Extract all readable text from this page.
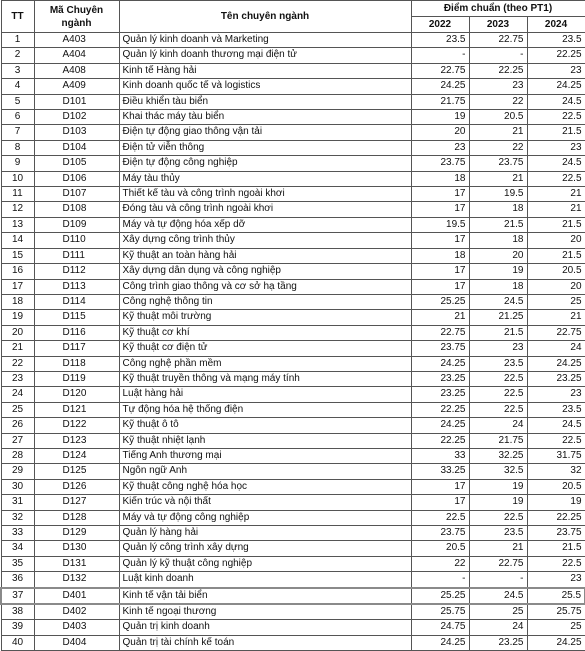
TT	Mã Chuyên ngành	Tên chuyên ngành	Điểm chuẩn (theo PT1)		
			2022	2023	2024
1	A403	Quản lý kinh doanh và Marketing	23.5	22.75	23.5
2	A404	Quản lý kinh doanh thương mại điện tử	-	-	22.25
3	A408	Kinh tế Hàng hải	22.75	22.25	23
4	A409	Kinh doanh quốc tế và logistics	24.25	23	24.25
5	D101	Điều khiển tàu biển	21.75	22	24.5
6	D102	Khai thác máy tàu biển	19	20.5	22.5
7	D103	Điện tự động giao thông vận tải	20	21	21.5
8	D104	Điện tử viễn thông	23	22	23
9	D105	Điện tự động công nghiệp	23.75	23.75	24.5
10	D106	Máy tàu thủy	18	21	22.5
11	D107	Thiết kế tàu và công trình ngoài khơi	17	19.5	21
12	D108	Đóng tàu và công trình ngoài khơi	17	18	21
13	D109	Máy và tự động hóa xếp dỡ	19.5	21.5	21.5
14	D110	Xây dựng công trình thủy	17	18	20
15	D111	Kỹ thuật an toàn hàng hải	18	20	21.5
16	D112	Xây dựng dân dụng và công nghiệp	17	19	20.5
17	D113	Công trình giao thông và cơ sở hạ tầng	17	18	20
18	D114	Công nghệ thông tin	25.25	24.5	25
19	D115	Kỹ thuật môi trường	21	21.25	21
20	D116	Kỹ thuật cơ khí	22.75	21.5	22.75
21	D117	Kỹ thuật cơ điện tử	23.75	23	24
22	D118	Công nghệ phần mềm	24.25	23.5	24.25
23	D119	Kỹ thuật truyền thông và mạng máy tính	23.25	22.5	23.25
24	D120	Luật hàng hải	23.25	22.5	23
25	D121	Tự động hóa hệ thống điện	22.25	22.5	23.5
26	D122	Kỹ thuật ô tô	24.25	24	24.5
27	D123	Kỹ thuật nhiệt lạnh	22.25	21.75	22.5
28	D124	Tiếng Anh thương mại	33	32.25	31.75
29	D125	Ngôn ngữ Anh	33.25	32.5	32
30	D126	Kỹ thuật công nghệ hóa học	17	19	20.5
31	D127	Kiến trúc và nội thất	17	19	19
32	D128	Máy và tự động công nghiệp	22.5	22.5	22.25
33	D129	Quản lý hàng hải	23.75	23.5	23.75
34	D130	Quản lý công trình xây dựng	20.5	21	21.5
35	D131	Quản lý kỹ thuật công nghiệp	22	22.75	22.5
36	D132	Luật kinh doanh	-	-	23
37	D401	Kinh tế vận tải biển	25.25	24.5	25.5
38	D402	Kinh tế ngoại thương	25.75	25	25.75
39	D403	Quản trị kinh doanh	24.75	24	25
40	D404	Quản trị tài chính kế toán	24.25	23.25	24.25
